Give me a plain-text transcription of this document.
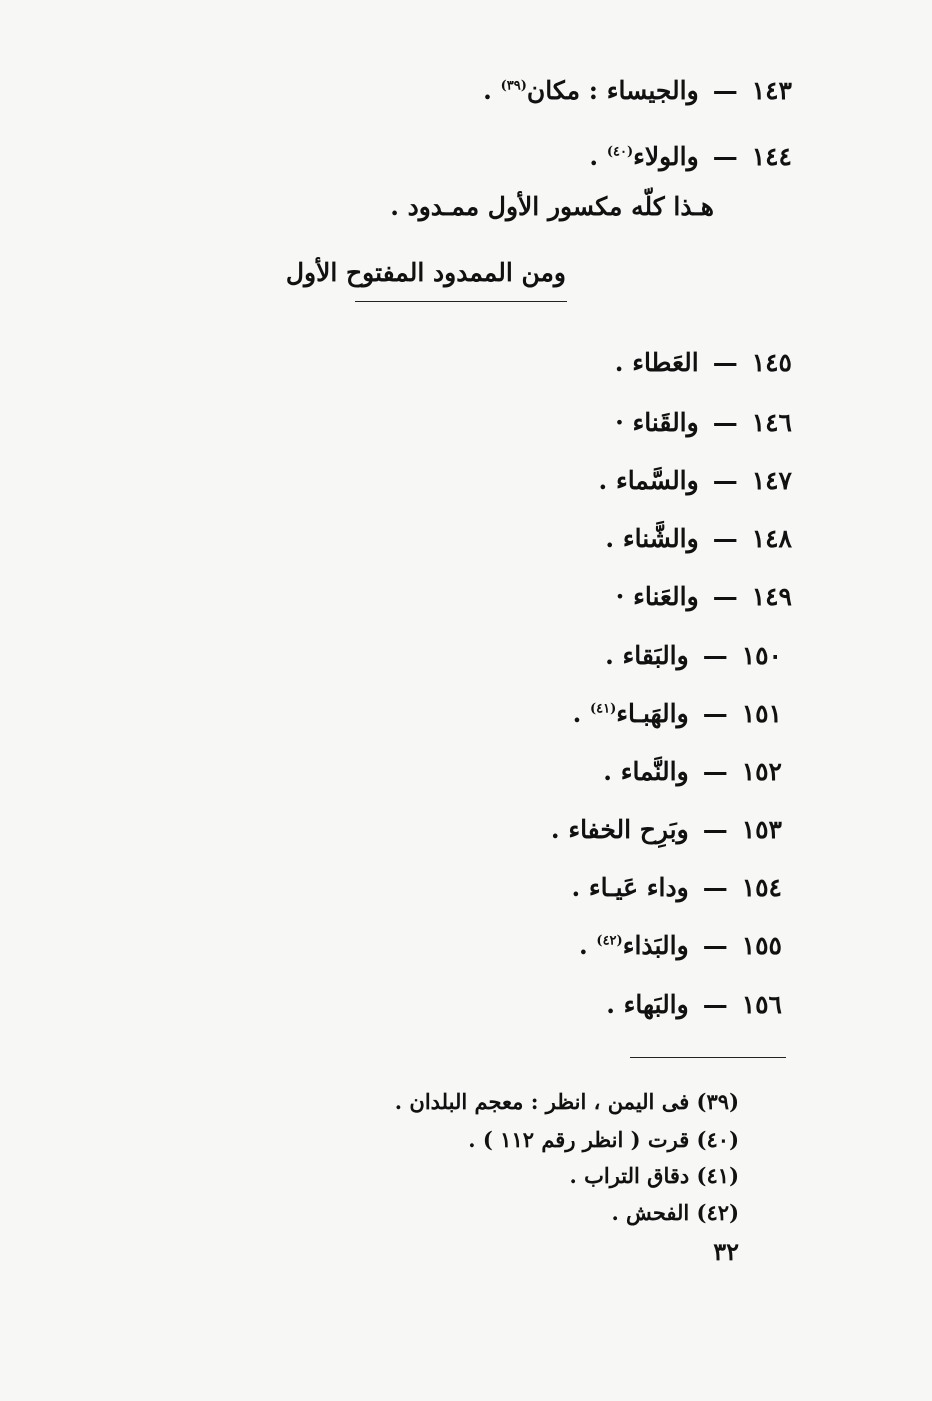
١٤٣—والجيساء : مكان$^{(٣٩)}$ .
١٤٤—والولاء$^{(٤٠)}$ .
هـذا كلّه مكسور الأول ممـدود .
ومن الممدود المفتوح الأول
١٤٥—العَطاء .
١٤٦—والقَناء ·
١٤٧—والسَّماء .
١٤٨—والشَّناء .
١٤٩—والعَناء ·
١٥٠—والبَقاء .
١٥١—والهَبـاء$^{(٤١)}$ .
١٥٢—والنَّماء .
١٥٣—وبَرِح الخفاء .
١٥٤—وداء عَيـاء .
١٥٥—والبَذاء$^{(٤٢)}$ .
١٥٦—والبَهاء .
(٣٩) فى اليمن ، انظر : معجم البلدان .
(٤٠) قرت ( انظر رقم ١١٢ ) .
(٤١) دقاق التراب .
(٤٢) الفحش .
٣٢
